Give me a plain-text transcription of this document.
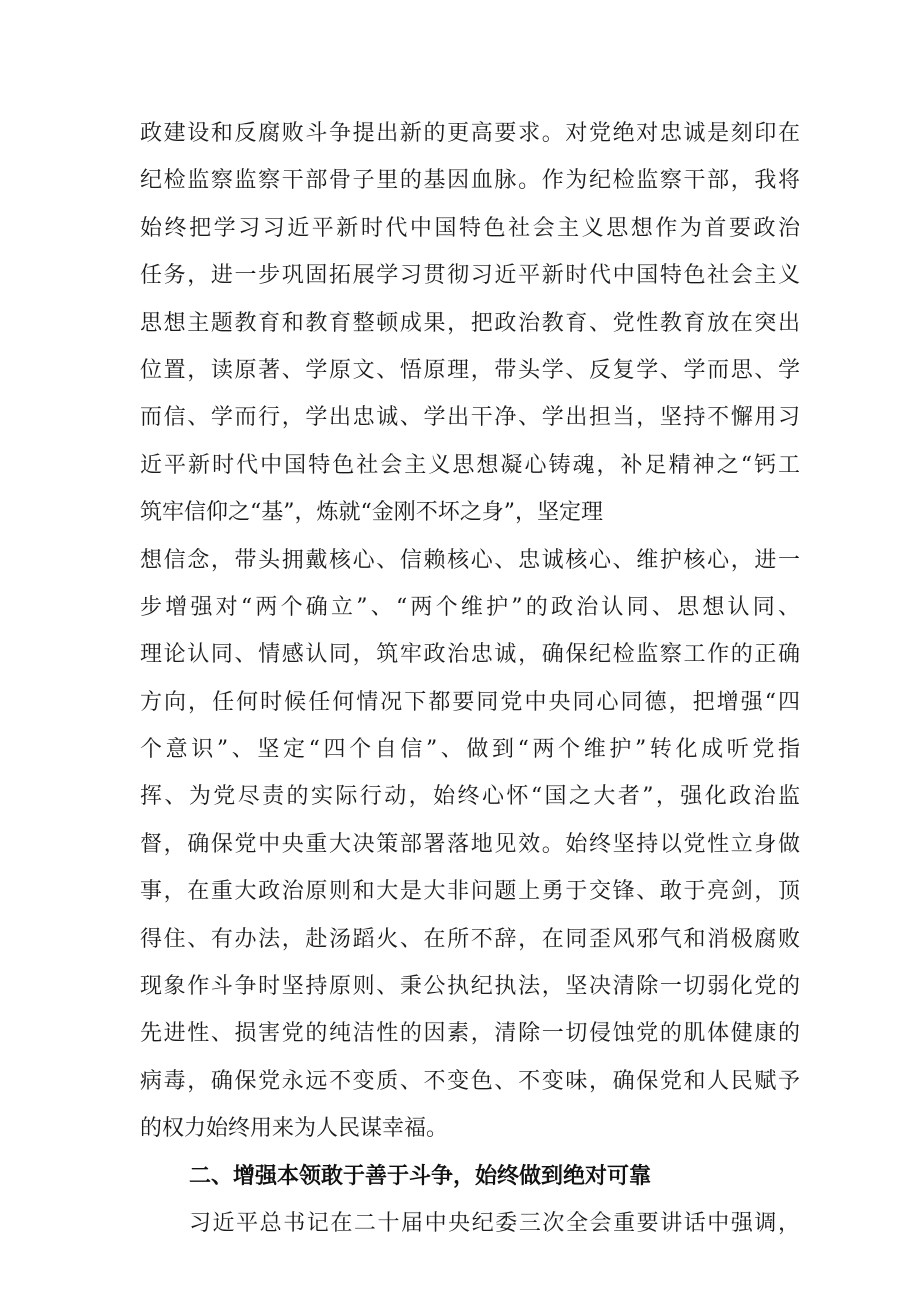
政建设和反腐败斗争提出新的更高要求。对党绝对忠诚是刻印在
纪检监察监察干部骨子里的基因血脉。作为纪检监察干部，我将
始终把学习习近平新时代中国特色社会主义思想作为首要政治
任务，进一步巩固拓展学习贯彻习近平新时代中国特色社会主义
思想主题教育和教育整顿成果，把政治教育、党性教育放在突出
位置，读原著、学原文、悟原理，带头学、反复学、学而思、学
而信、学而行，学出忠诚、学出干净、学出担当，坚持不懈用习
近平新时代中国特色社会主义思想凝心铸魂，补足精神之“钙工
筑牢信仰之“基”，炼就“金刚不坏之身”，坚定理
想信念，带头拥戴核心、信赖核心、忠诚核心、维护核心，进一
步增强对“两个确立”、“两个维护”的政治认同、思想认同、
理论认同、情感认同，筑牢政治忠诚，确保纪检监察工作的正确
方向，任何时候任何情况下都要同党中央同心同德，把增强“四
个意识”、坚定“四个自信”、做到“两个维护”转化成听党指
挥、为党尽责的实际行动，始终心怀“国之大者”，强化政治监
督，确保党中央重大决策部署落地见效。始终坚持以党性立身做
事，在重大政治原则和大是大非问题上勇于交锋、敢于亮剑，顶
得住、有办法，赴汤蹈火、在所不辞，在同歪风邪气和消极腐败
现象作斗争时坚持原则、秉公执纪执法，坚决清除一切弱化党的
先进性、损害党的纯洁性的因素，清除一切侵蚀党的肌体健康的
病毒，确保党永远不变质、不变色、不变味，确保党和人民赋予
的权力始终用来为人民谋幸福。
二、增强本领敢于善于斗争，始终做到绝对可靠
习近平总书记在二十届中央纪委三次全会重要讲话中强调，
